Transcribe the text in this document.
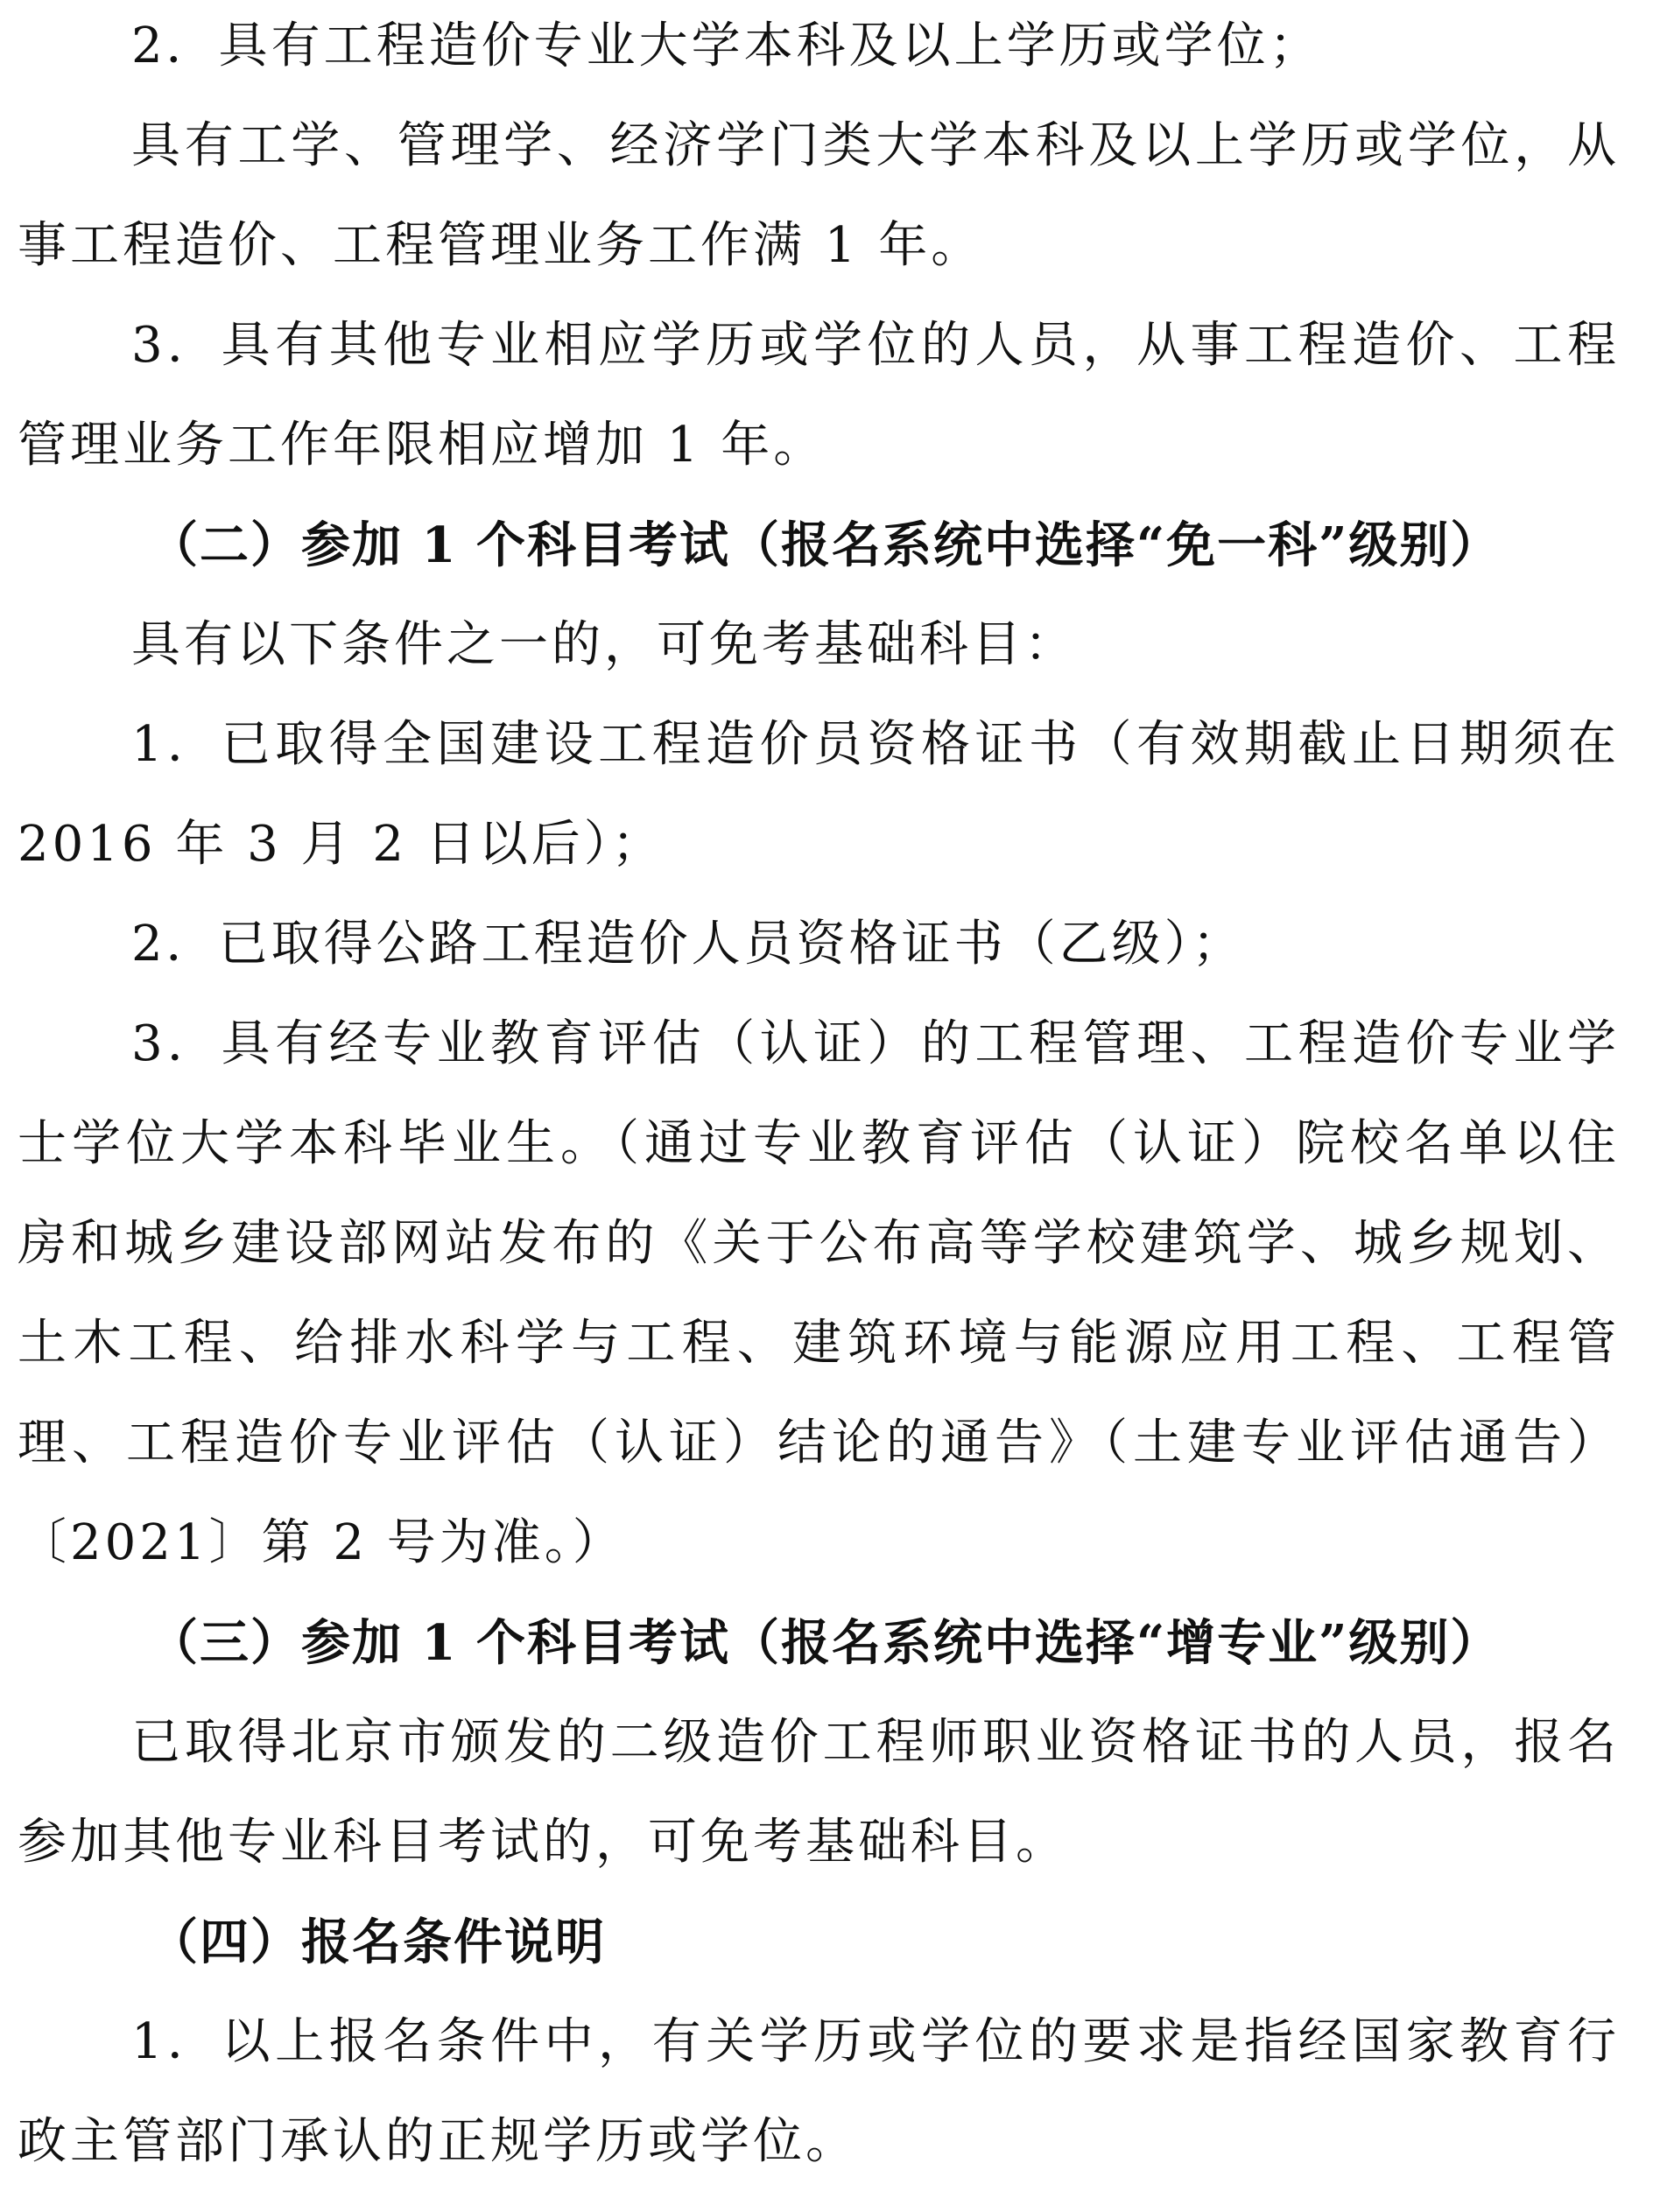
2．具有工程造价专业大学本科及以上学历或学位；

具有工学、管理学、经济学门类大学本科及以上学历或学位，从事工程造价、工程管理业务工作满 1 年。

3．具有其他专业相应学历或学位的人员，从事工程造价、工程管理业务工作年限相应增加 1 年。

（二）参加 1 个科目考试（报名系统中选择“免一科”级别）

具有以下条件之一的，可免考基础科目：

1．已取得全国建设工程造价员资格证书（有效期截止日期须在 2016 年 3 月 2 日以后）；

2．已取得公路工程造价人员资格证书（乙级）；

3．具有经专业教育评估（认证）的工程管理、工程造价专业学士学位大学本科毕业生。（通过专业教育评估（认证）院校名单以住房和城乡建设部网站发布的《关于公布高等学校建筑学、城乡规划、土木工程、给排水科学与工程、建筑环境与能源应用工程、工程管理、工程造价专业评估（认证）结论的通告》（土建专业评估通告）〔2021〕第 2 号为准。）

（三）参加 1 个科目考试（报名系统中选择“增专业”级别）

已取得北京市颁发的二级造价工程师职业资格证书的人员，报名参加其他专业科目考试的，可免考基础科目。

（四）报名条件说明

1．以上报名条件中，有关学历或学位的要求是指经国家教育行政主管部门承认的正规学历或学位。
